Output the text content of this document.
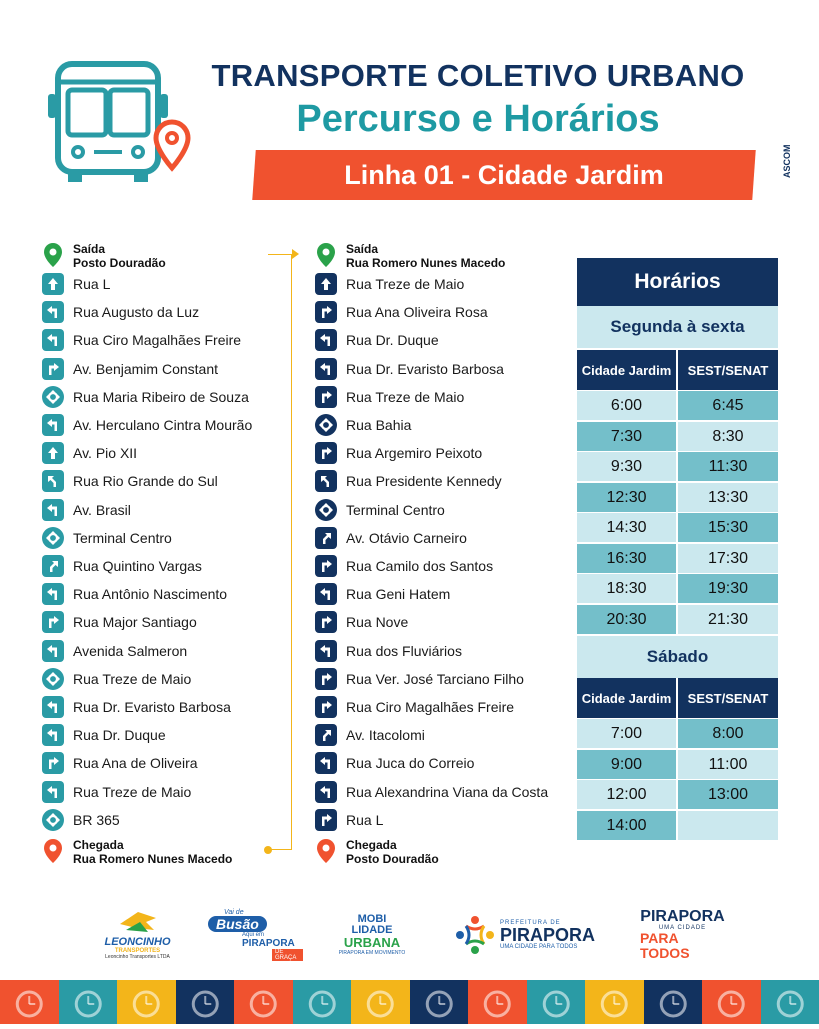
TRANSPORTE COLETIVO URBANO
Percurso e Horários
Linha 01 - Cidade Jardim	ASCOM
Saída
Posto Douradão
Rua L
Rua Augusto da Luz
Rua Ciro Magalhães Freire
Av. Benjamim Constant
Rua Maria Ribeiro de Souza
Av. Herculano Cintra Mourão
Av. Pio XII
Rua Rio Grande do Sul
Av. Brasil
Terminal Centro
Rua Quintino Vargas
Rua Antônio Nascimento
Rua Major Santiago
Avenida Salmeron
Rua Treze de Maio
Rua Dr. Evaristo Barbosa
Rua Dr. Duque
Rua Ana de Oliveira
Rua Treze de Maio
BR 365
Chegada
Rua Romero Nunes Macedo
Saída
Rua Romero Nunes Macedo
Rua Treze de Maio
Rua Ana Oliveira Rosa
Rua Dr. Duque
Rua Dr. Evaristo Barbosa
Rua Treze de Maio
Rua Bahia
Rua Argemiro Peixoto
Rua Presidente Kennedy
Terminal Centro
Av. Otávio Carneiro
Rua Camilo dos Santos
Rua Geni Hatem
Rua Nove
Rua dos Fluviários
Rua Ver. José Tarciano Filho
Rua Ciro Magalhães Freire
Av. Itacolomi
Rua Juca do Correio
Rua Alexandrina Viana da Costa
Rua L
Chegada
Posto Douradão
Horários
Segunda à sexta
Cidade Jardim	SEST/SENAT
6:00	6:45
7:30	8:30
9:30	11:30
12:30	13:30
14:30	15:30
16:30	17:30
18:30	19:30
20:30	21:30
Sábado
Cidade Jardim	SEST/SENAT
7:00	8:00
9:00	11:00
12:00	13:00
14:00
LEONCINHO
TRANSPORTES
Leoncinho Transportes LTDA
Vai de
Busão
Aqui em
PIRAPORA
DE GRAÇA
MOBI LIDADE
URBANA
PIRAPORA EM MOVIMENTO
PREFEITURA DE
PIRAPORA
UMA CIDADE PARA TODOS
PIRAPORA
UMA CIDADE
PARA TODOS
